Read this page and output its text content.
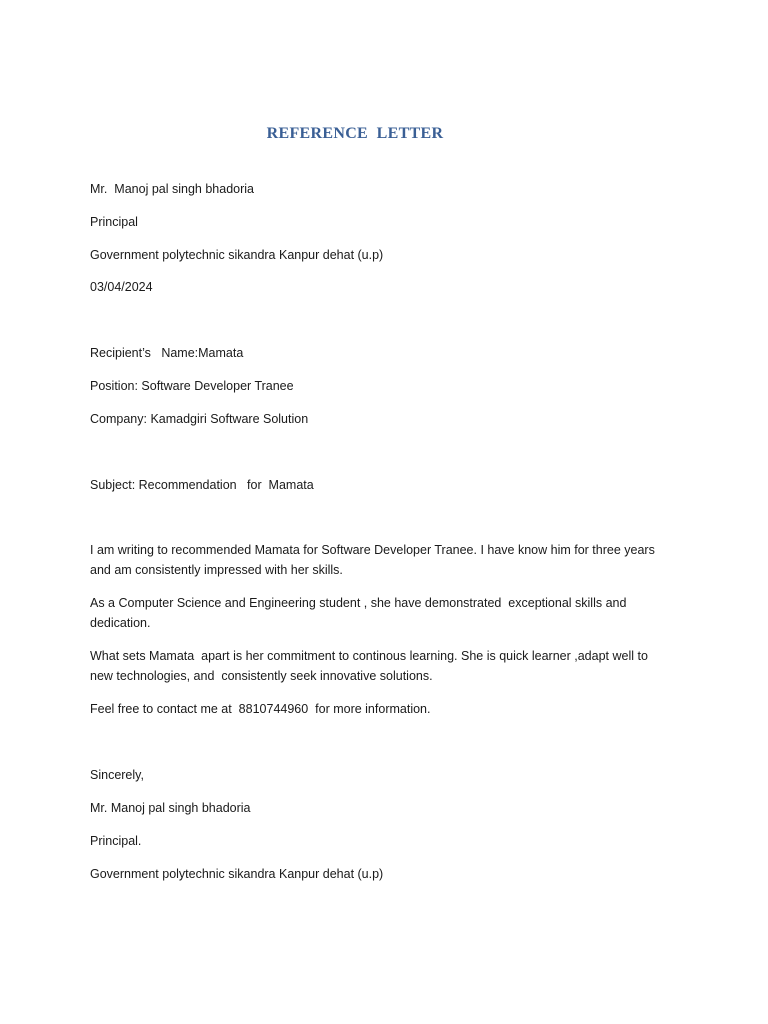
REFERENCE  LETTER
Mr.  Manoj pal singh bhadoria
Principal
Government polytechnic sikandra Kanpur dehat (u.p)
03/04/2024
Recipient’s   Name:Mamata
Position: Software Developer Tranee
Company: Kamadgiri Software Solution
Subject: Recommendation   for  Mamata
I am writing to recommended Mamata for Software Developer Tranee. I have know him for three years
and am consistently impressed with her skills.
As a Computer Science and Engineering student , she have demonstrated  exceptional skills and
dedication.
What sets Mamata  apart is her commitment to continous learning. She is quick learner ,adapt well to
new technologies, and  consistently seek innovative solutions.
Feel free to contact me at  8810744960  for more information.
Sincerely,
Mr. Manoj pal singh bhadoria
Principal.
Government polytechnic sikandra Kanpur dehat (u.p)
